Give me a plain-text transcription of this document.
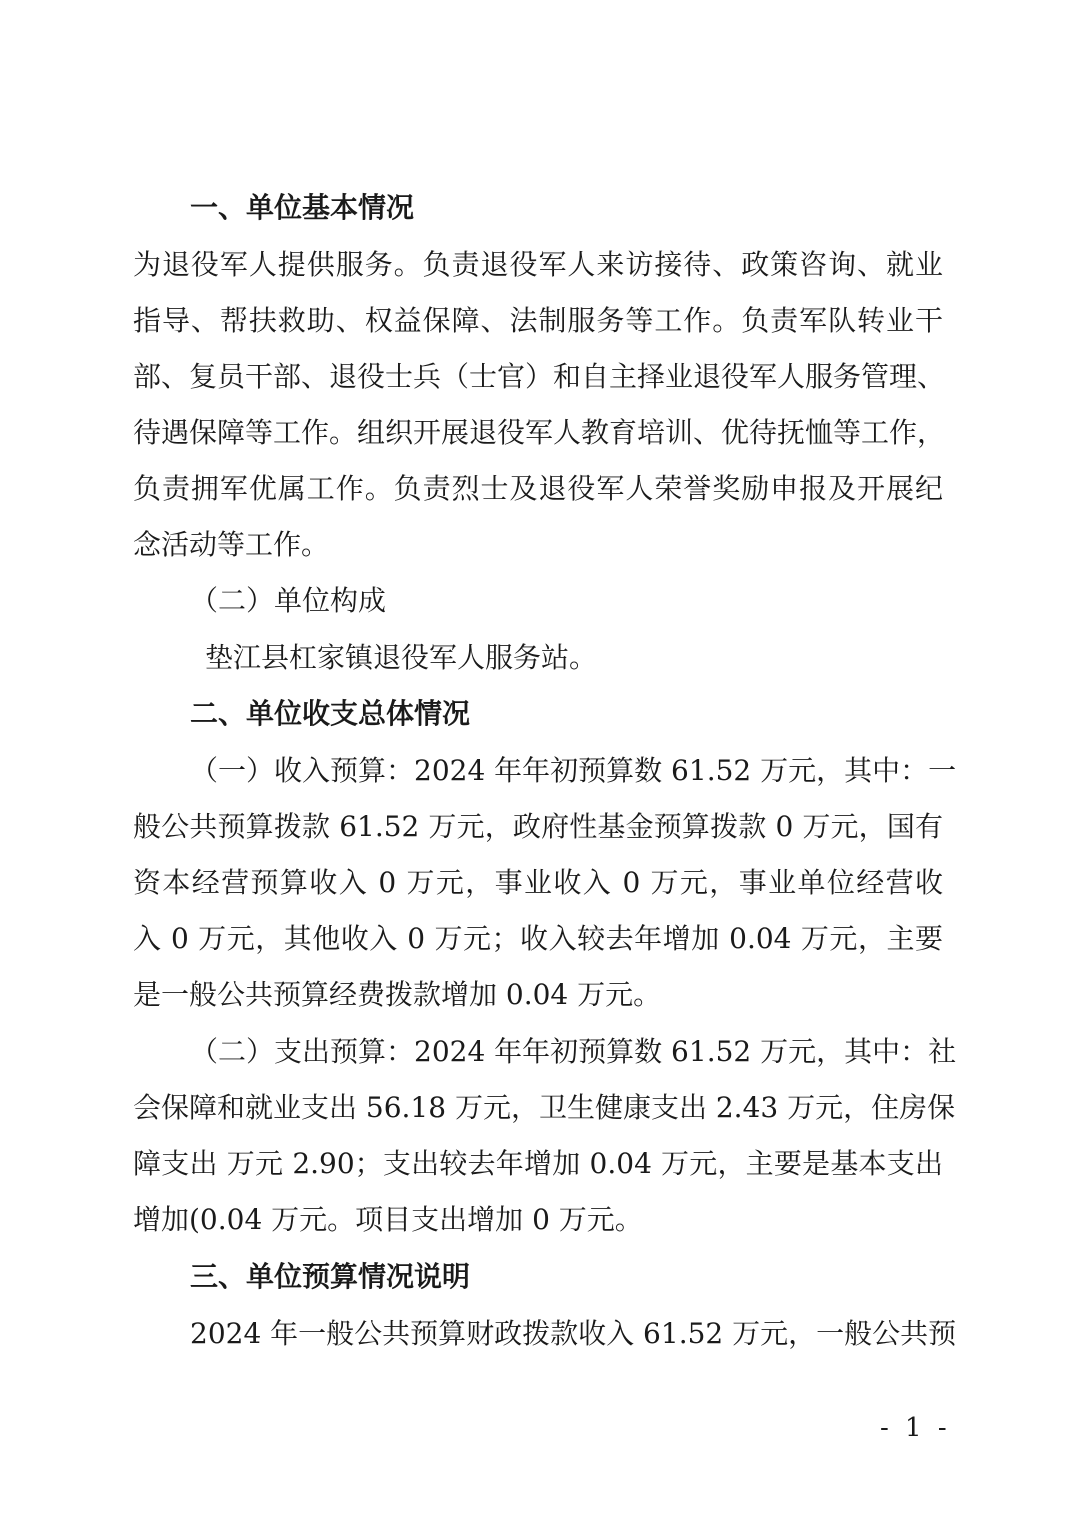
一、单位基本情况
为退役军人提供服务。负责退役军人来访接待、政策咨询、就业
指导、帮扶救助、权益保障、法制服务等工作。负责军队转业干
部、复员干部、退役士兵（士官）和自主择业退役军人服务管理、
待遇保障等工作。组织开展退役军人教育培训、优待抚恤等工作，
负责拥军优属工作。负责烈士及退役军人荣誉奖励申报及开展纪
念活动等工作。
（二）单位构成
垫江县杠家镇退役军人服务站。
二、单位收支总体情况
（一）收入预算：2024 年年初预算数 61.52 万元，其中：一
般公共预算拨款 61.52 万元，政府性基金预算拨款 0 万元，国有
资本经营预算收入 0 万元，事业收入 0 万元，事业单位经营收
入 0 万元，其他收入 0 万元；收入较去年增加 0.04 万元，主要
是一般公共预算经费拨款增加 0.04 万元。
（二）支出预算：2024 年年初预算数 61.52 万元，其中：社
会保障和就业支出 56.18 万元，卫生健康支出 2.43 万元，住房保
障支出 万元 2.90；支出较去年增加 0.04 万元，主要是基本支出
增加(0.04 万元。项目支出增加 0 万元。
三、单位预算情况说明
2024 年一般公共预算财政拨款收入 61.52 万元，一般公共预
- 1 -
